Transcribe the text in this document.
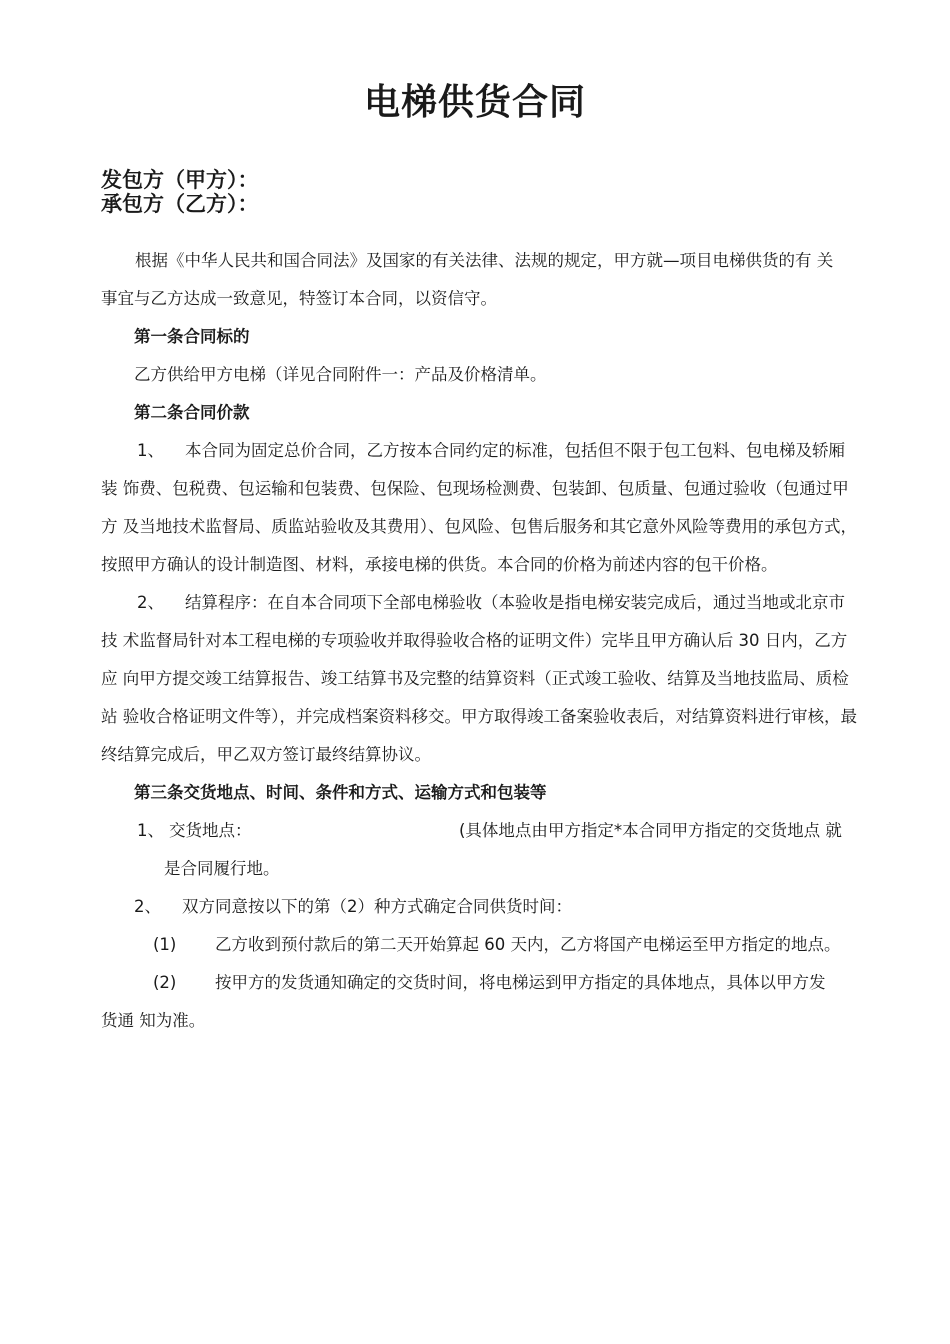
电梯供货合同
发包方（甲方）：
承包方（乙方）：

根据《中华人民共和国合同法》及国家的有关法律、法规的规定，甲方就—项目电梯供货的有 关

事宜与乙方达成一致意见，特签订本合同，以资信守。

第一条合同标的

乙方供给甲方电梯（详见合同附件一：产品及价格清单。

第二条合同价款

1、	本合同为固定总价合同，乙方按本合同约定的标准，包括但不限于包工包料、包电梯及轿厢

装 饰费、包税费、包运输和包装费、包保险、包现场检测费、包装卸、包质量、包通过验收（包通过甲方 及当地技术监督局、质监站验收及其费用）、包风险、包售后服务和其它意外风险等费用的承包方式， 按照甲方确认的设计制造图、材料，承接电梯的供货。本合同的价格为前述内容的包干价格。

2、	结算程序：在自本合同项下全部电梯验收（本验收是指电梯安装完成后，通过当地或北京市

技 术监督局针对本工程电梯的专项验收并取得验收合格的证明文件）完毕且甲方确认后 30 日内，乙方应 向甲方提交竣工结算报告、竣工结算书及完整的结算资料（正式竣工验收、结算及当地技监局、质检站 验收合格证明文件等），并完成档案资料移交。甲方取得竣工备案验收表后，对结算资料进行审核，最 终结算完成后，甲乙双方签订最终结算协议。

第三条交货地点、时间、条件和方式、运输方式和包装等

1、 交货地点：	(具体地点由甲方指定*本合同甲方指定的交货地点 就

是合同履行地。

2、	双方同意按以下的第（2）种方式确定合同供货时间：
(1)	乙方收到预付款后的第二天开始算起 60 天内，乙方将国产电梯运至甲方指定的地点。
(2)	按甲方的发货通知确定的交货时间，将电梯运到甲方指定的具体地点，具体以甲方发

货通 知为准。
